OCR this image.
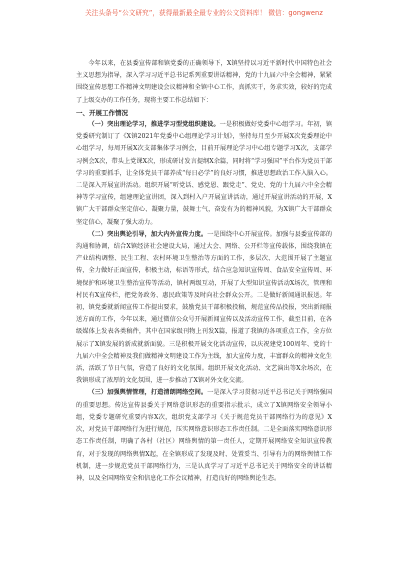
关注头条号“公文研究”，获得最新最全最专业的公文资料库！ 微信：gongwenz

今年以来，在县委宣传部和镇党委的正确领导下，X镇坚持以习近平新时代中国特色社会主义思想为指导，深入学习习近平总书记系列重要讲话精神，党的十九届六中全会精神，紧紧围绕宣传思想工作精神文明建设会议精神和全镇中心工作，真抓实干，务求实效，较好的完成了上级交办的工作任务，现将主要工作总结如下：

一、开展工作情况

（一）突出理论学习，推进学习型党组织建设。一是积极做好党委中心组学习。年初，镇党委研究制订了《X镇2021年党委中心组理论学习计划》，坚持每月至少开展X次党委理论中心组学习，每周开展X次支部集体学习例会，目前开展理论学习中心组专题学习X次，支部学习例会X次，带头上党课X次，形成研讨发言提纲X余篇，同时将“学习强国”平台作为党员干部学习的重要抓手，让全体党员干部养成“每日必学”的良好习惯，推进思想政治工作入脑入心。二是深入开展宣讲活动。组织开展“听党话、感党恩、跟党走”、党史、党的十九届六中全会精神等学习宣传，组建理论宣讲团，深入到村入户开展宣讲活动，通过开展宣讲活动的开展，X镇广大干部群众坚定信心、凝聚力量，鼓舞士气，奋发有为的精神风貌，为X镇广大干部群众坚定信心，凝聚了强大动力。

（二）突出舆论引导，加大内外宣传力度。一是围绕中心开展宣传。加强与县委宣传部的沟通和协调，结合X镇经济社会建设大局，通过大会、网络、公开栏等宣传载体，围绕我镇在产业结构调整、民生工程、农村环境卫生整治等方面的工作，多层次、大范围开展了主题宣传，全力做好正面宣传，积极主动，标语等形式，结合应急知识宣传周、食品安全宣传周、环境保护和环境卫生整治宣传等活动，镇村两级互动，开展了大型知识宣传活动X场次，管理和村民有X宣传栏，把党务政务、惠民政策等及时向社会群众公开。二是做好新闻通讯报送。年初，镇党委就新闻宣传工作提出要求，鼓励党员干部积极投稿，规范宣传品投报，突出新闻报送方面的工作，今年以来，通过微信公众号开展新闻宣传以及活动宣传工作，截至目前，在各级媒体上发表各类稿件，其中在国家级刊物上刊发X篇，报道了我镇的各项重点工作，全方位展示了X镇发展的新成就新面貌。三是积极开展文化活动宣传，以庆祝建党100周年、党的十九届六中全会精神及我们做精神文明建设工作为主线，加大宣传力度，丰富群众的精神文化生活，活跃了节日气氛，营造了良好的文化氛围。组织开展文化活动、文艺演出等X余场次，在我镇形成了浓厚的文化氛围，进一步推动了X镇对外文化交流。

（三）加强舆情管理，打造清朗网络空间。一是深入学习贯彻习近平总书记关于网络强国的重要思想。传达宣传县委关于网络意识形态的重要指示批示，成立了X镇网络安全领导小组，党委专题研究重要内容X次，组织党支部学习《关于规范党员干部网络行为的意见》X次，对党员干部网络行为进行规范，压实网络意识形态工作责任制。二是全面落实网络意识形态工作责任制，明确了各村（社区）网络舆情的第一责任人，定期开展网络安全知识宣传教育，对于发现的网络舆情X起，在全镇形成了发现及时、处置妥当、引导有力的网络舆情工作机制，进一步规范党员干部网络行为，三是认真学习了习近平总书记关于网络安全的讲话精神，以及全国网络安全和信息化工作会议精神，打造良好的网络舆论生态。
